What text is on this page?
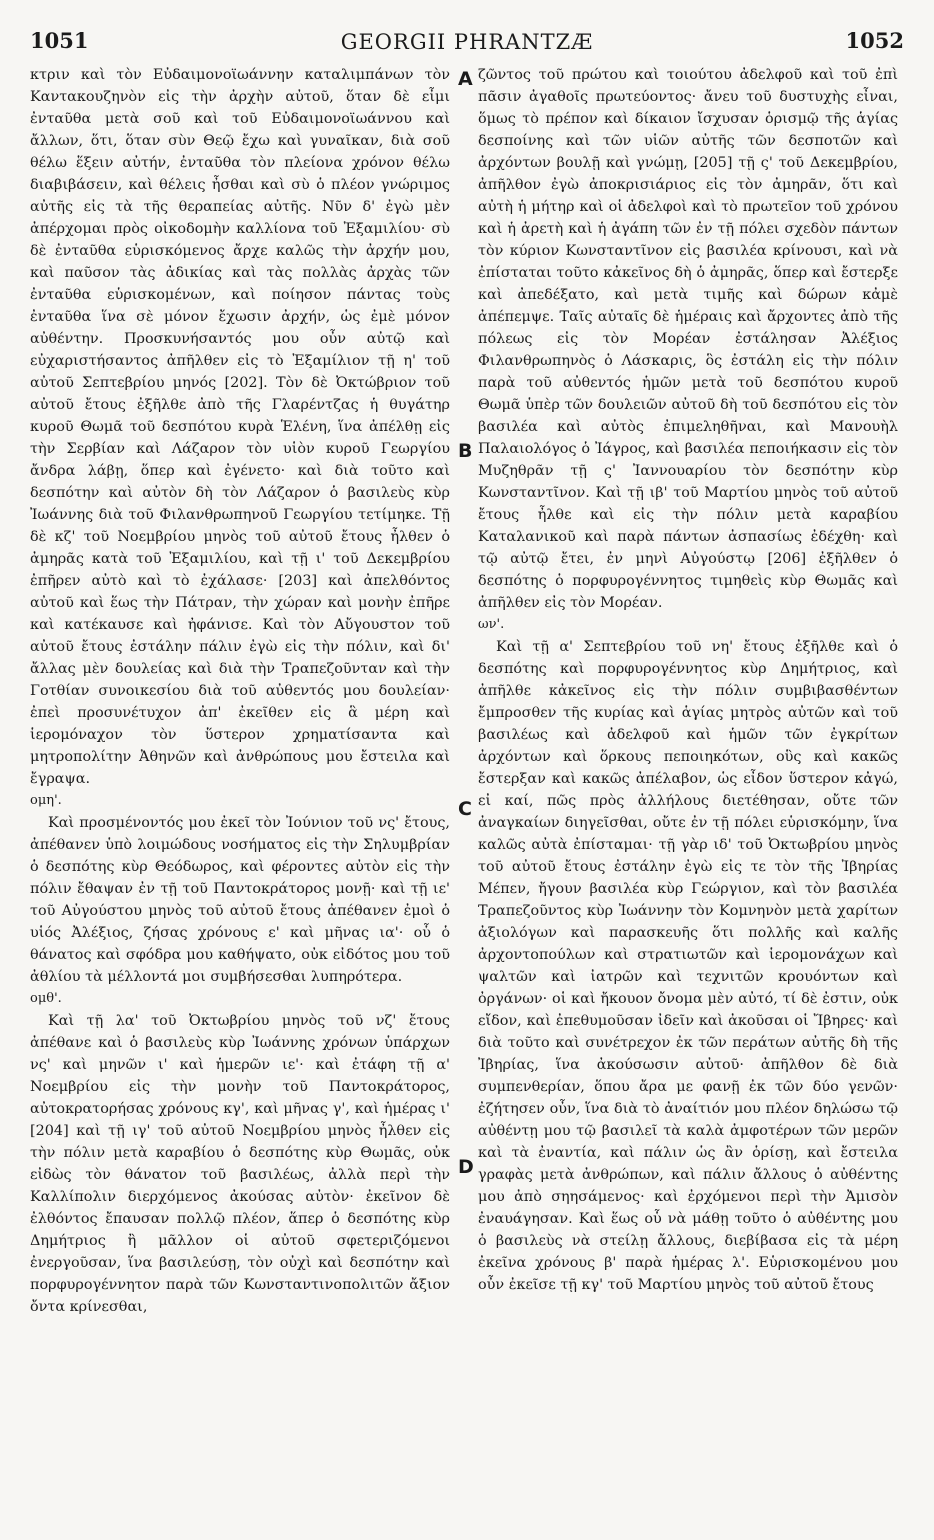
1051	GEORGII PHRANTZÆ	1052
A
B
C
D

κτριν καὶ τὸν Εὐδαιμονοϊωάννην καταλιμπάνων τὸν Καντακουζηνὸν εἰς τὴν ἀρχὴν αὐτοῦ, ὅταν δὲ εἶμι ἐνταῦθα μετὰ σοῦ καὶ τοῦ Εὐδαιμονοϊωάννου καὶ ἄλλων, ὅτι, ὅταν σὺν Θεῷ ἔχω καὶ γυναῖκαν, διὰ σοῦ θέλω ἕξειν αὐτήν, ἐνταῦθα τὸν πλείονα χρόνον θέλω διαβιβάσειν, καὶ θέλεις ἦσθαι καὶ σὺ ὁ πλέον γνώριμος αὐτῆς εἰς τὰ τῆς θεραπείας αὐτῆς. Νῦν δ' ἐγὼ μὲν ἀπέρχομαι πρὸς οἰκοδομὴν καλλίονα τοῦ Ἐξαμιλίου· σὺ δὲ ἐνταῦθα εὑρισκόμενος ἄρχε καλῶς τὴν ἀρχήν μου, καὶ παῦσον τὰς ἀδικίας καὶ τὰς πολλὰς ἀρχὰς τῶν ἐνταῦθα εὑρισκομένων, καὶ ποίησον πάντας τοὺς ἐνταῦθα ἵνα σὲ μόνον ἔχωσιν ἀρχήν, ὡς ἐμὲ μόνον αὐθέντην. Προσκυνήσαντός μου οὖν αὐτῷ καὶ εὐχαριστήσαντος ἀπῆλθεν εἰς τὸ Ἐξαμίλιον τῇ η' τοῦ αὐτοῦ Σεπτεβρίου μηνός [202]. Τὸν δὲ Ὀκτώβριον τοῦ αὐτοῦ ἔτους ἐξῆλθε ἀπὸ τῆς Γλαρέντζας ἡ θυγάτηρ κυροῦ Θωμᾶ τοῦ δεσπότου κυρὰ Ἑλένη, ἵνα ἀπέλθῃ εἰς τὴν Σερβίαν καὶ Λάζαρον τὸν υἱὸν κυροῦ Γεωργίου ἄνδρα λάβῃ, ὅπερ καὶ ἐγένετο· καὶ διὰ τοῦτο καὶ δεσπότην καὶ αὐτὸν δὴ τὸν Λάζαρον ὁ βασιλεὺς κὺρ Ἰωάννης διὰ τοῦ Φιλανθρωπηνοῦ Γεωργίου τετίμηκε. Τῇ δὲ κζ' τοῦ Νοεμβρίου μηνὸς τοῦ αὐτοῦ ἔτους ἦλθεν ὁ ἀμηρᾶς κατὰ τοῦ Ἐξαμιλίου, καὶ τῇ ι' τοῦ Δεκεμβρίου ἐπῆρεν αὐτὸ καὶ τὸ ἐχάλασε· [203] καὶ ἀπελθόντος αὐτοῦ καὶ ἕως τὴν Πάτραν, τὴν χώραν καὶ μονὴν ἐπῆρε καὶ κατέκαυσε καὶ ἠφάνισε. Καὶ τὸν Αὔγουστον τοῦ αὐτοῦ ἔτους ἐστάλην πάλιν ἐγὼ εἰς τὴν πόλιν, καὶ δι' ἄλλας μὲν δουλείας καὶ διὰ τὴν Τραπεζοῦνταν καὶ τὴν Γοτθίαν συνοικεσίου διὰ τοῦ αὐθεντός μου δουλείαν· ἐπεὶ προσυνέτυχον ἀπ' ἐκεῖθεν εἰς ἃ μέρη καὶ ἱερομόναχον τὸν ὕστερον χρηματίσαντα καὶ μητροπολίτην Ἀθηνῶν καὶ ἀνθρώπους μου ἔστειλα καὶ ἔγραψα.

ομη'.

Καὶ προσμένοντός μου ἐκεῖ τὸν Ἰούνιον τοῦ νς' ἔτους, ἀπέθανεν ὑπὸ λοιμώδους νοσήματος εἰς τὴν Σηλυμβρίαν ὁ δεσπότης κὺρ Θεόδωρος, καὶ φέροντες αὐτὸν εἰς τὴν πόλιν ἔθαψαν ἐν τῇ τοῦ Παντοκράτορος μονῇ· καὶ τῇ ιε' τοῦ Αὐγούστου μηνὸς τοῦ αὐτοῦ ἔτους ἀπέθανεν ἐμοὶ ὁ υἱός Ἀλέξιος, ζήσας χρόνους ε' καὶ μῆνας ια'· οὗ ὁ θάνατος καὶ σφόδρα μου καθήψατο, οὐκ εἰδότος μου τοῦ ἀθλίου τὰ μέλλοντά μοι συμβήσεσθαι λυπηρότερα.

ομθ'.

Καὶ τῇ λα' τοῦ Ὀκτωβρίου μηνὸς τοῦ νζ' ἔτους ἀπέθανε καὶ ὁ βασιλεὺς κὺρ Ἰωάννης χρόνων ὑπάρχων νς' καὶ μηνῶν ι' καὶ ἡμερῶν ιε'· καὶ ἐτάφη τῇ α' Νοεμβρίου εἰς τὴν μονὴν τοῦ Παντοκράτορος, αὐτοκρατορήσας χρόνους κγ', καὶ μῆνας γ', καὶ ἡμέρας ι' [204] καὶ τῇ ιγ' τοῦ αὐτοῦ Νοεμβρίου μηνὸς ἦλθεν εἰς τὴν πόλιν μετὰ καραβίου ὁ δεσπότης κὺρ Θωμᾶς, οὐκ εἰδὼς τὸν θάνατον τοῦ βασιλέως, ἀλλὰ περὶ τὴν Καλλίπολιν διερχόμενος ἀκούσας αὐτὸν· ἐκεῖνον δὲ ἐλθόντος ἔπαυσαν πολλῷ πλέον, ἅπερ ὁ δεσπότης κὺρ Δημήτριος ἢ μᾶλλον οἱ αὐτοῦ σφετεριζόμενοι ἐνεργοῦσαν, ἵνα βασιλεύσῃ, τὸν οὐχὶ καὶ δεσπότην καὶ πορφυρογέννητον παρὰ τῶν Κωνσταντινοπολιτῶν ἄξιον ὄντα κρίνεσθαι,

ζῶντος τοῦ πρώτου καὶ τοιούτου ἀδελφοῦ καὶ τοῦ ἐπὶ πᾶσιν ἀγαθοῖς πρωτεύοντος· ἄνευ τοῦ δυστυχὴς εἶναι, ὅμως τὸ πρέπον καὶ δίκαιον ἴσχυσαν ὁρισμῷ τῆς ἁγίας δεσποίνης καὶ τῶν υἱῶν αὐτῆς τῶν δεσποτῶν καὶ ἀρχόντων βουλῇ καὶ γνώμῃ, [205] τῇ ς' τοῦ Δεκεμβρίου, ἀπῆλθον ἐγὼ ἀποκρισιάριος εἰς τὸν ἀμηρᾶν, ὅτι καὶ αὐτὴ ἡ μήτηρ καὶ οἱ ἀδελφοὶ καὶ τὸ πρωτεῖον τοῦ χρόνου καὶ ἡ ἀρετὴ καὶ ἡ ἀγάπη τῶν ἐν τῇ πόλει σχεδὸν πάντων τὸν κύριον Κωνσταντῖνον εἰς βασιλέα κρίνουσι, καὶ νὰ ἐπίσταται τοῦτο κἀκεῖνος δὴ ὁ ἀμηρᾶς, ὅπερ καὶ ἔστερξε καὶ ἀπεδέξατο, καὶ μετὰ τιμῆς καὶ δώρων κἀμὲ ἀπέπεμψε. Ταῖς αὐταῖς δὲ ἡμέραις καὶ ἄρχοντες ἀπὸ τῆς πόλεως εἰς τὸν Μορέαν ἐστάλησαν Ἀλέξιος Φιλανθρωπηνὸς ὁ Λάσκαρις, ὃς ἐστάλη εἰς τὴν πόλιν παρὰ τοῦ αὐθεντός ἡμῶν μετὰ τοῦ δεσπότου κυροῦ Θωμᾶ ὑπὲρ τῶν δουλειῶν αὐτοῦ δὴ τοῦ δεσπότου εἰς τὸν βασιλέα καὶ αὐτὸς ἐπιμεληθῆναι, καὶ Μανουὴλ Παλαιολόγος ὁ Ἰάγρος, καὶ βασιλέα πεποιήκασιν εἰς τὸν Μυζηθρᾶν τῇ ς' Ἰαννουαρίου τὸν δεσπότην κὺρ Κωνσταντῖνον. Καὶ τῇ ιβ' τοῦ Μαρτίου μηνὸς τοῦ αὐτοῦ ἔτους ἦλθε καὶ εἰς τὴν πόλιν μετὰ καραβίου Καταλανικοῦ καὶ παρὰ πάντων ἀσπασίως ἐδέχθη· καὶ τῷ αὐτῷ ἔτει, ἐν μηνὶ Αὐγούστῳ [206] ἐξῆλθεν ὁ δεσπότης ὁ πορφυρογέννητος τιμηθεὶς κὺρ Θωμᾶς καὶ ἀπῆλθεν εἰς τὸν Μορέαν.

ων'.

Καὶ τῇ α' Σεπτεβρίου τοῦ νη' ἔτους ἐξῆλθε καὶ ὁ δεσπότης καὶ πορφυρογέννητος κὺρ Δημήτριος, καὶ ἀπῆλθε κἀκεῖνος εἰς τὴν πόλιν συμβιβασθέντων ἔμπροσθεν τῆς κυρίας καὶ ἁγίας μητρὸς αὐτῶν καὶ τοῦ βασιλέως καὶ ἀδελφοῦ καὶ ἡμῶν τῶν ἐγκρίτων ἀρχόντων καὶ ὅρκους πεποιηκότων, οὓς καὶ κακῶς ἔστερξαν καὶ κακῶς ἀπέλαβον, ὡς εἶδον ὕστερον κἀγώ, εἰ καί, πῶς πρὸς ἀλλήλους διετέθησαν, οὔτε τῶν ἀναγκαίων διηγεῖσθαι, οὔτε ἐν τῇ πόλει εὑρισκόμην, ἵνα καλῶς αὐτὰ ἐπίσταμαι· τῇ γὰρ ιδ' τοῦ Ὀκτωβρίου μηνὸς τοῦ αὐτοῦ ἔτους ἐστάλην ἐγὼ εἰς τε τὸν τῆς Ἰβηρίας Μέπεν, ἤγουν βασιλέα κὺρ Γεώργιον, καὶ τὸν βασιλέα Τραπεζοῦντος κὺρ Ἰωάννην τὸν Κομνηνὸν μετὰ χαρίτων ἀξιολόγων καὶ παρασκευῆς ὅτι πολλῆς καὶ καλῆς ἀρχοντοπούλων καὶ στρατιωτῶν καὶ ἱερομονάχων καὶ ψαλτῶν καὶ ἰατρῶν καὶ τεχνιτῶν κρουόντων καὶ ὀργάνων· οἱ καὶ ἤκουον ὄνομα μὲν αὐτό, τί δὲ ἐστιν, οὐκ εἴδον, καὶ ἐπεθυμοῦσαν ἰδεῖν καὶ ἀκοῦσαι οἱ Ἴβηρες· καὶ διὰ τοῦτο καὶ συνέτρεχον ἐκ τῶν περάτων αὐτῆς δὴ τῆς Ἰβηρίας, ἵνα ἀκούσωσιν αὐτοῦ· ἀπῆλθον δὲ διὰ συμπενθερίαν, ὅπου ἄρα με φανῇ ἐκ τῶν δύο γενῶν· ἐζήτησεν οὖν, ἵνα διὰ τὸ ἀναίτιόν μου πλέον δηλώσω τῷ αὐθέντῃ μου τῷ βασιλεῖ τὰ καλὰ ἀμφοτέρων τῶν μερῶν καὶ τὰ ἐναντία, καὶ πάλιν ὡς ἂν ὁρίσῃ, καὶ ἔστειλα γραφὰς μετὰ ἀνθρώπων, καὶ πάλιν ἄλλους ὁ αὐθέντης μου ἀπὸ σηησάμενος· καὶ ἐρχόμενοι περὶ τὴν Ἀμισὸν ἐναυάγησαν. Καὶ ἕως οὗ νὰ μάθῃ τοῦτο ὁ αὐθέντης μου ὁ βασιλεὺς νὰ στείλῃ ἄλλους, διεβίβασα εἰς τὰ μέρη ἐκεῖνα χρόνους β' παρὰ ἡμέρας λ'. Εὑρισκομένου μου οὖν ἐκεῖσε τῇ κγ' τοῦ Μαρτίου μηνὸς τοῦ αὐτοῦ ἔτους
